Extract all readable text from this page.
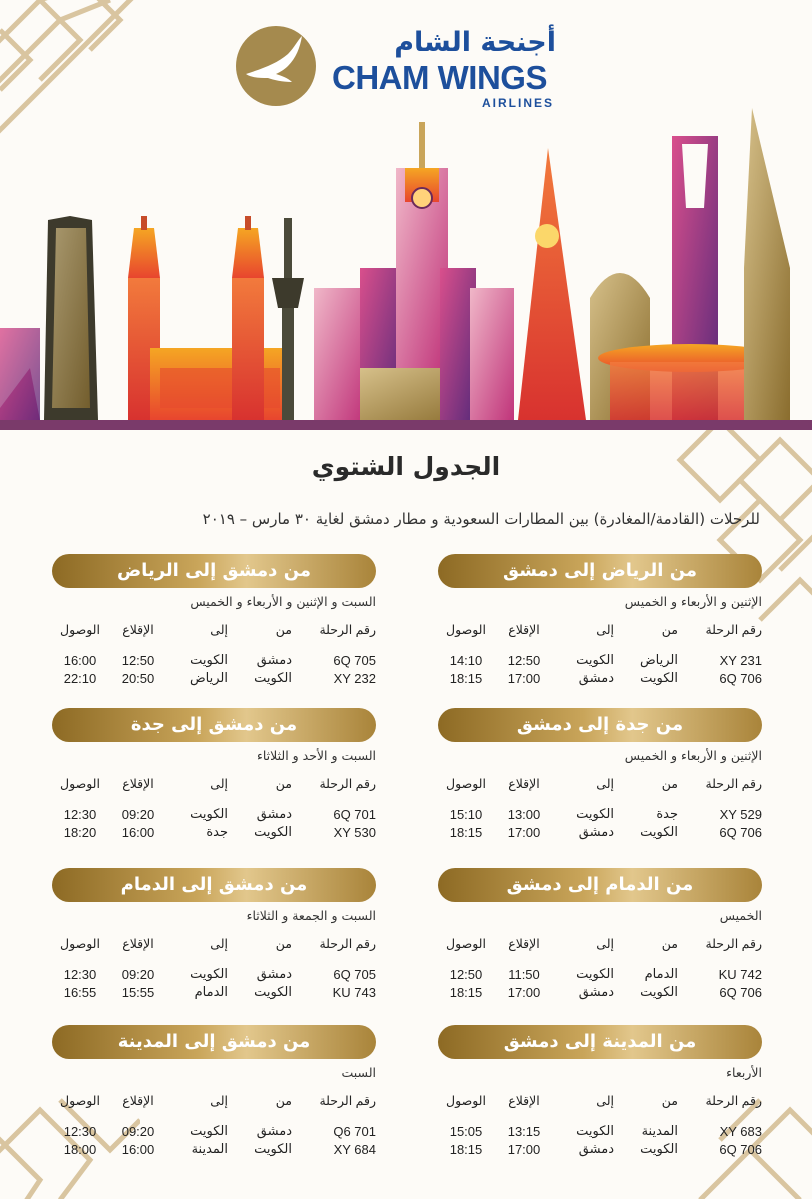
أجنحة الشام
CHAM WINGS
AIRLINES
الجدول الشتوي
للرحلات (القادمة/المغادرة) بين المطارات السعودية و مطار دمشق لغاية ٣٠ مارس – ٢٠١٩
من الرياض إلى دمشق
الإثنين و الأربعاء و الخميس
رقم الرحلة
من
إلى
الإقلاع
الوصول
XY 231
الرياض
الكويت
12:50
14:10
6Q 706
الكويت
دمشق
17:00
18:15
من دمشق إلى الرياض
السبت و الإثنين و الأربعاء و الخميس
رقم الرحلة
من
إلى
الإقلاع
الوصول
6Q 705
دمشق
الكويت
12:50
16:00
XY 232
الكويت
الرياض
20:50
22:10
من جدة إلى دمشق
الإثنين و الأربعاء و الخميس
رقم الرحلة
من
إلى
الإقلاع
الوصول
XY 529
جدة
الكويت
13:00
15:10
6Q 706
الكويت
دمشق
17:00
18:15
من دمشق إلى جدة
السبت و الأحد و الثلاثاء
رقم الرحلة
من
إلى
الإقلاع
الوصول
6Q 701
دمشق
الكويت
09:20
12:30
XY 530
الكويت
جدة
16:00
18:20
من الدمام إلى دمشق
الخميس
رقم الرحلة
من
إلى
الإقلاع
الوصول
KU 742
الدمام
الكويت
11:50
12:50
6Q 706
الكويت
دمشق
17:00
18:15
من دمشق إلى الدمام
السبت و الجمعة و الثلاثاء
رقم الرحلة
من
إلى
الإقلاع
الوصول
6Q 705
دمشق
الكويت
09:20
12:30
KU 743
الكويت
الدمام
15:55
16:55
من المدينة إلى دمشق
الأربعاء
رقم الرحلة
من
إلى
الإقلاع
الوصول
XY 683
المدينة
الكويت
13:15
15:05
6Q 706
الكويت
دمشق
17:00
18:15
من دمشق إلى المدينة
السبت
رقم الرحلة
من
إلى
الإقلاع
الوصول
Q6 701
دمشق
الكويت
09:20
12:30
XY 684
الكويت
المدينة
16:00
18:00
